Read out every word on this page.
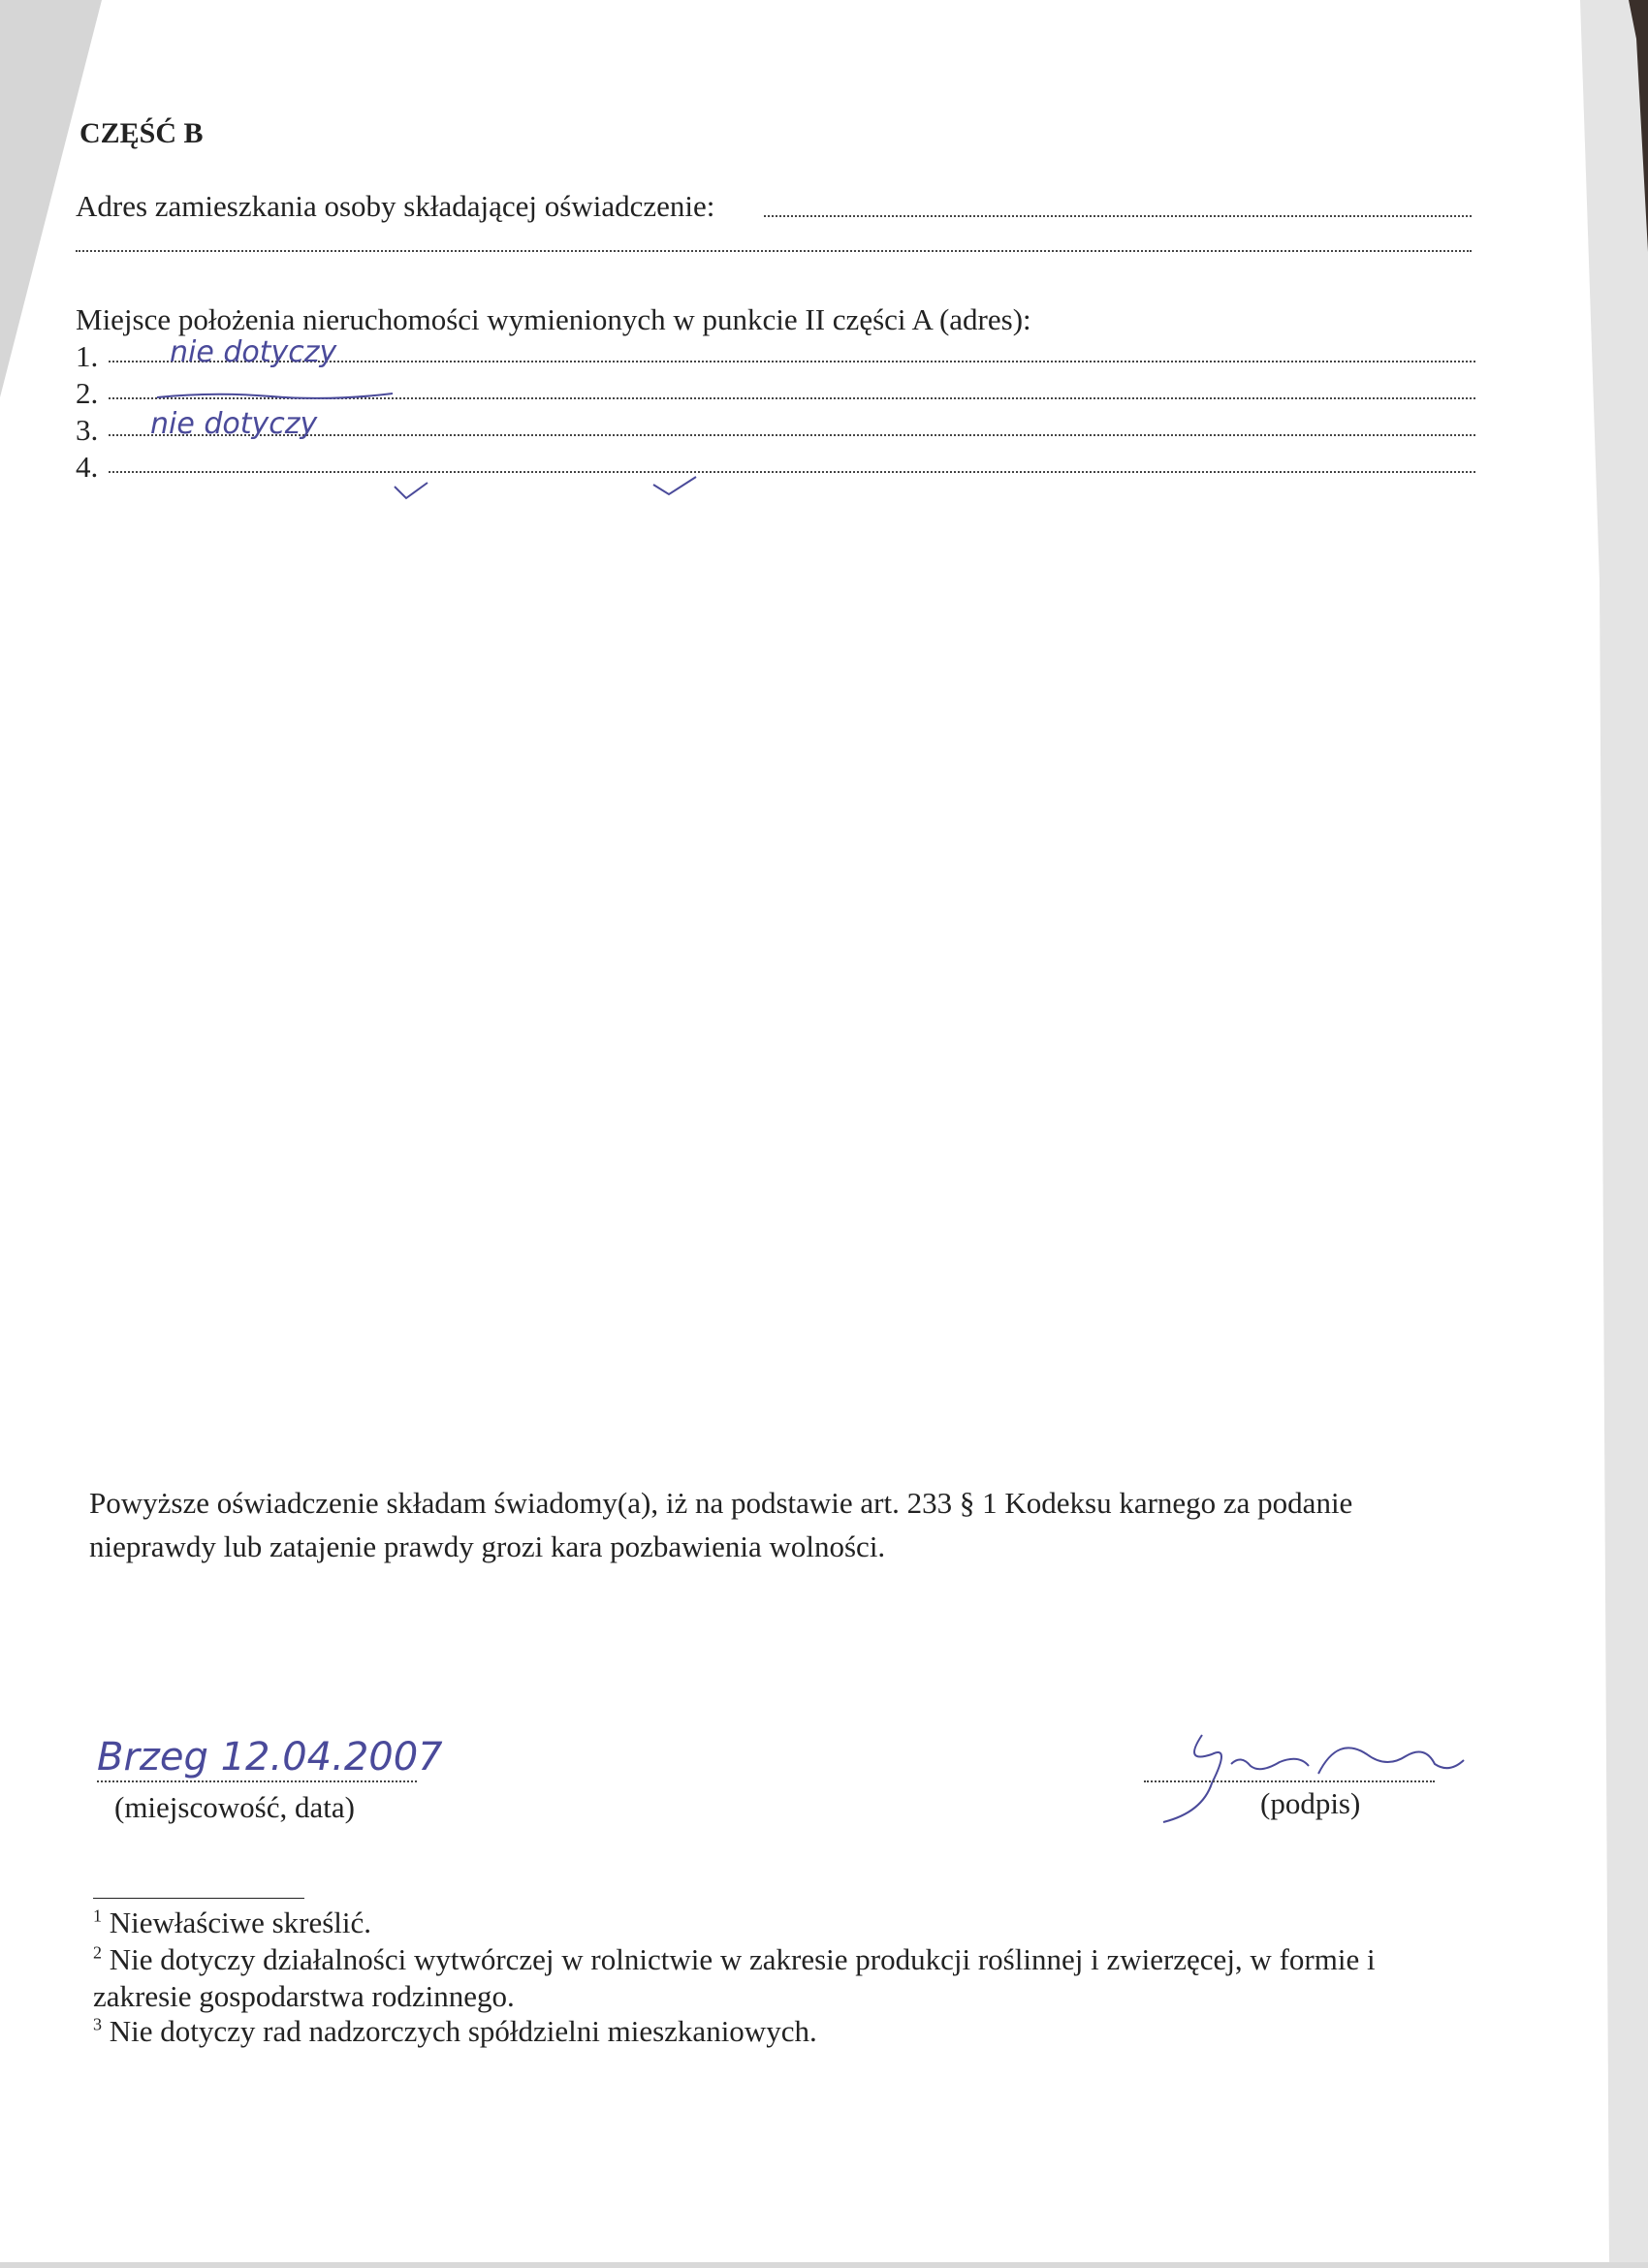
CZĘŚĆ B
Adres zamieszkania osoby składającej oświadczenie:
Miejsce położenia nieruchomości wymienionych w punkcie II części A (adres):
1. nie dotyczy
2.
3. nie dotyczy
4.
Powyższe oświadczenie składam świadomy(a), iż na podstawie art. 233 § 1 Kodeksu karnego za podanie
nieprawdy lub zatajenie prawdy grozi kara pozbawienia wolności.
Brzeg 12.04.2007
(miejscowość, data)	(podpis)
$^1$ Niewłaściwe skreślić.
$^2$ Nie dotyczy działalności wytwórczej w rolnictwie w zakresie produkcji roślinnej i zwierzęcej, w formie i
zakresie gospodarstwa rodzinnego.
$^3$ Nie dotyczy rad nadzorczych spółdzielni mieszkaniowych.
